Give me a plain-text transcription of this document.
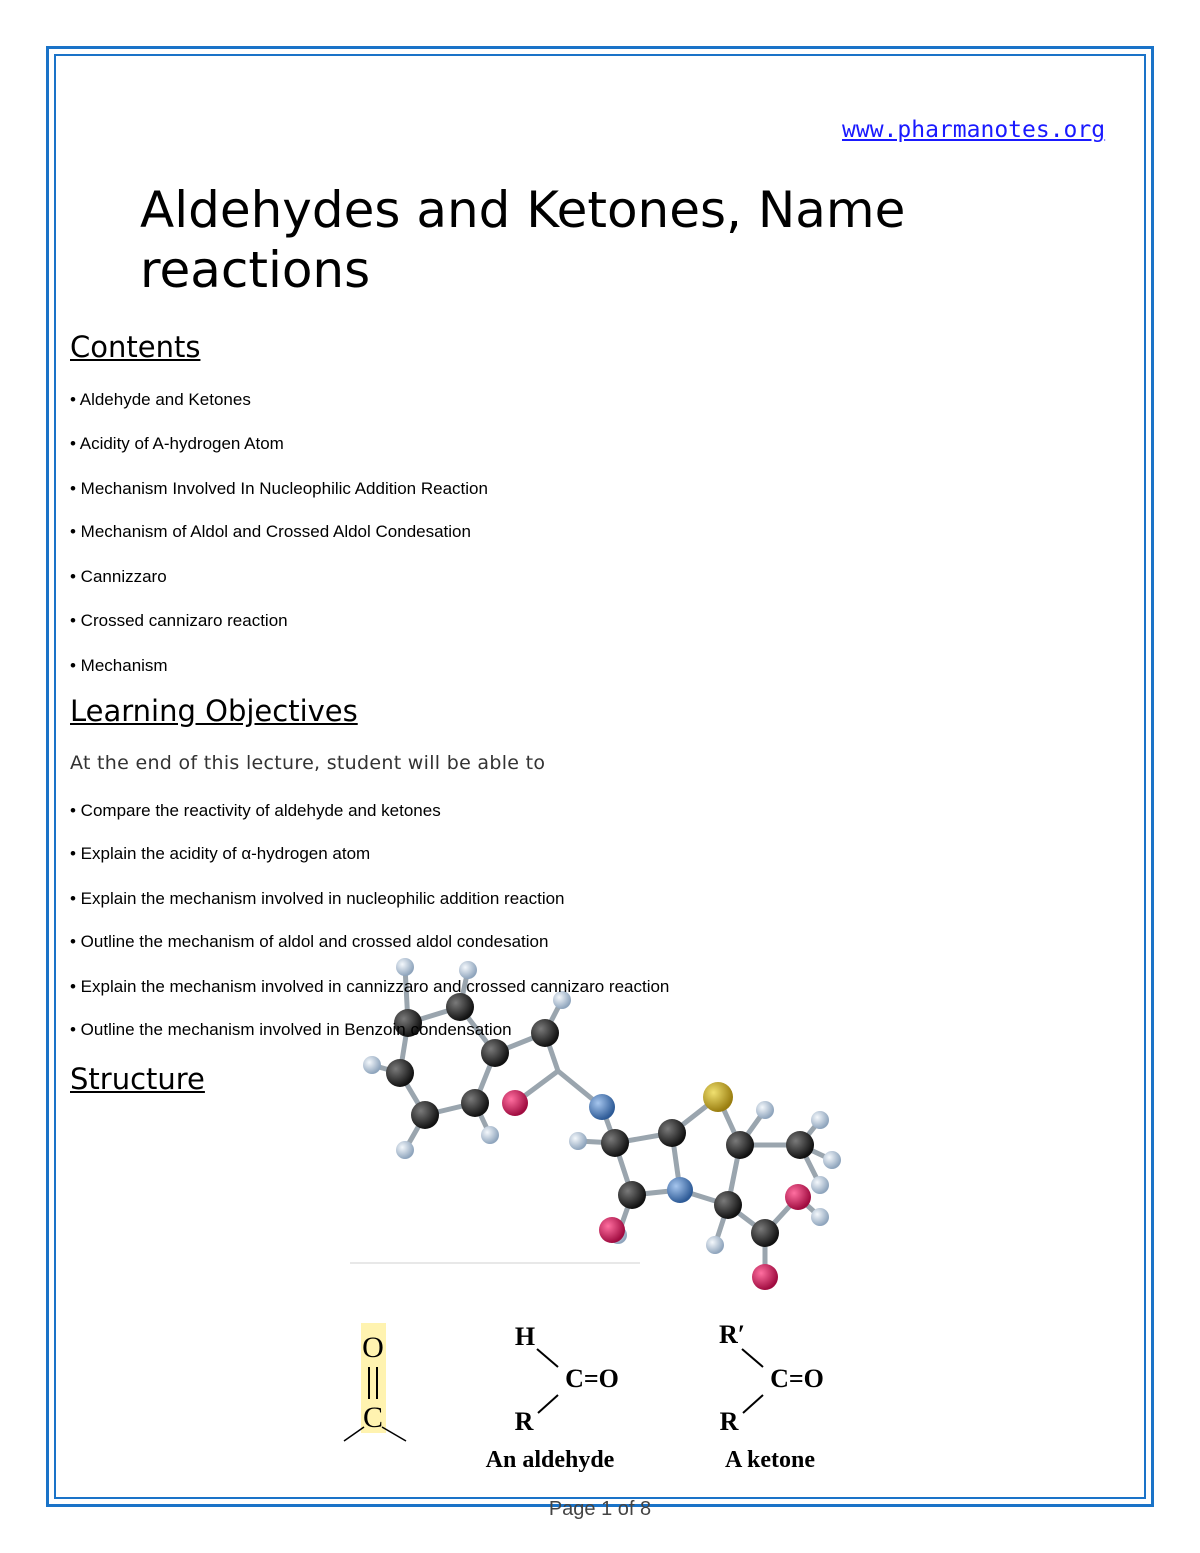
www.pharmanotes.org
Aldehydes and Ketones, Name reactions
Contents
• Aldehyde and Ketones
• Acidity of A-hydrogen Atom
• Mechanism Involved In Nucleophilic Addition Reaction
• Mechanism of Aldol and Crossed Aldol Condesation
• Cannizzaro
• Crossed cannizaro reaction
• Mechanism
Learning Objectives
At the end of this lecture, student will be able to
• Compare the reactivity of aldehyde and ketones
• Explain the acidity of α-hydrogen atom
• Explain the mechanism involved in nucleophilic addition reaction
• Outline the mechanism of aldol and crossed aldol condesation
• Explain the mechanism involved in cannizzaro and crossed cannizaro reaction
• Outline the mechanism involved in Benzoin condensation
Structure
O
C
H
C=O
R
An aldehyde
R′
C=O
R
A ketone
Page 1 of 8
